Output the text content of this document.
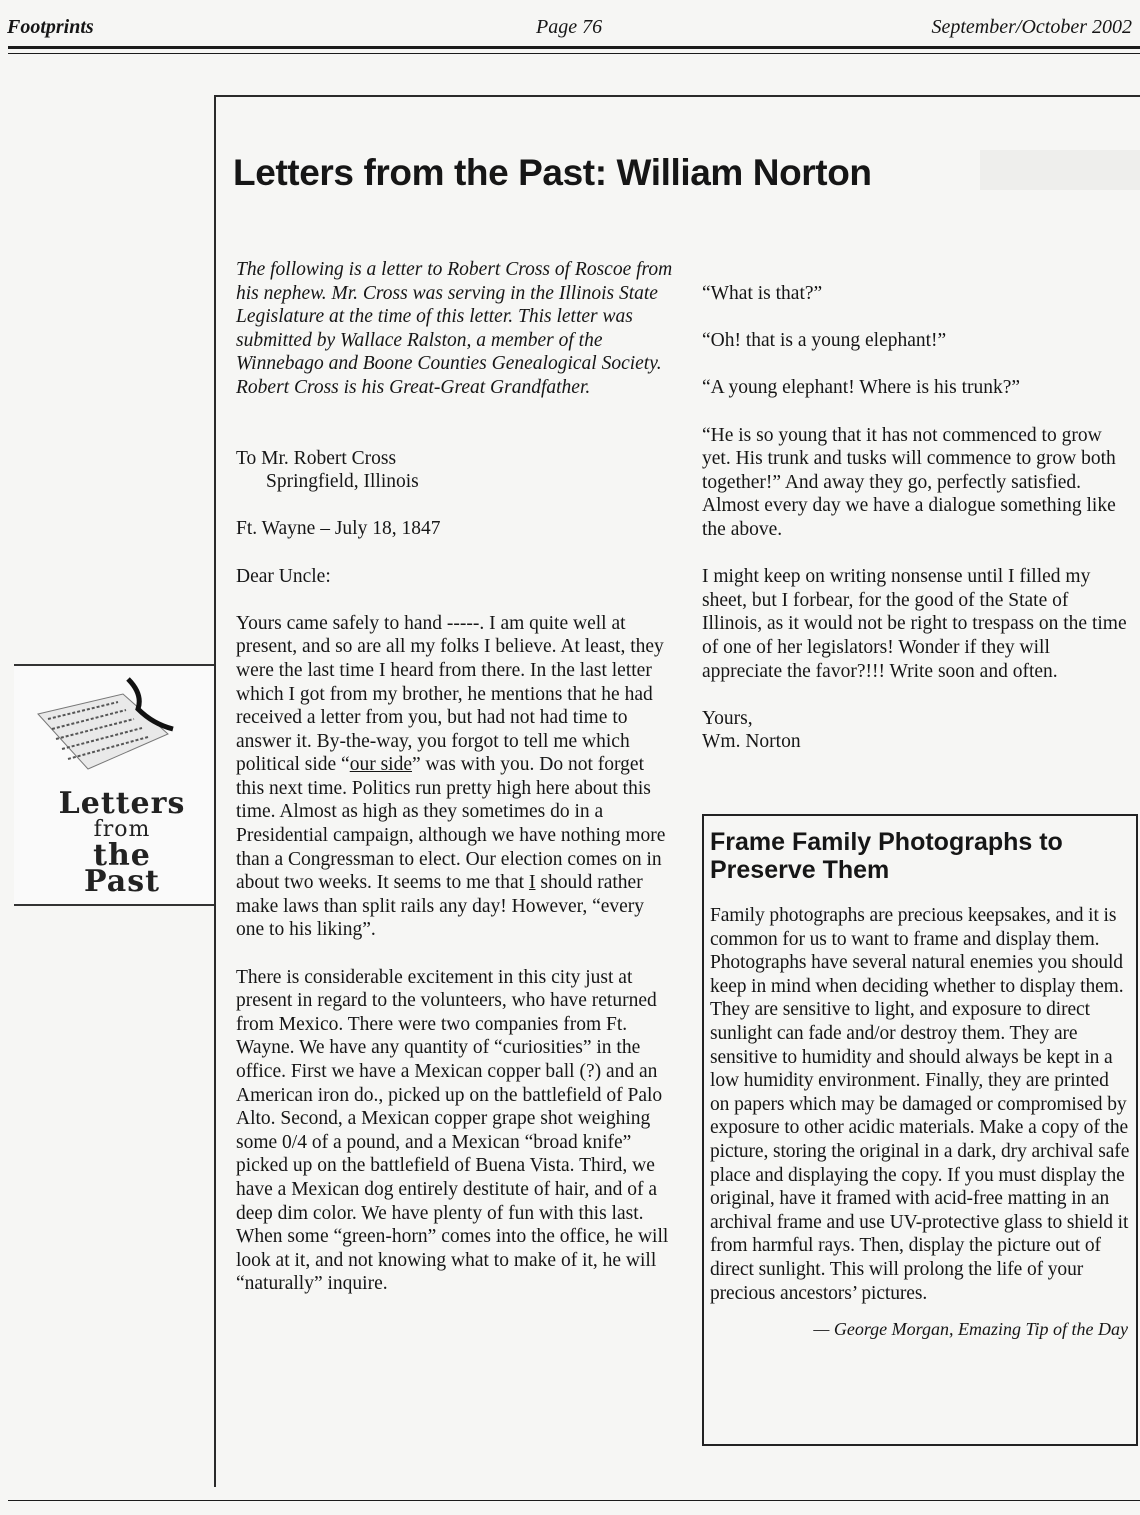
Footprints	Page 76	September/October 2002
Letters
from
the Past
Letters from the Past: William Norton

The following is a letter to Robert Cross of Roscoe from his nephew. Mr. Cross was serving in the Illinois State Legislature at the time of this letter. This letter was submitted by Wallace Ralston, a member of the Winnebago and Boone Counties Genealogical Society. Robert Cross is his Great-Great Grandfather.

To Mr. Robert Cross

Springfield, Illinois

Ft. Wayne – July 18, 1847

Dear Uncle:

Yours came safely to hand -----. I am quite well at present, and so are all my folks I believe. At least, they were the last time I heard from there. In the last letter which I got from my brother, he mentions that he had received a letter from you, but had not had time to answer it. By-the-way, you forgot to tell me which political side “our side” was with you. Do not forget this next time. Politics run pretty high here about this time. Almost as high as they sometimes do in a Presidential campaign, although we have nothing more than a Congressman to elect. Our election comes on in about two weeks. It seems to me that I should rather make laws than split rails any day! However, “every one to his liking”.

There is considerable excitement in this city just at present in regard to the volunteers, who have returned from Mexico. There were two companies from Ft. Wayne. We have any quantity of “curiosities” in the office. First we have a Mexican copper ball (?) and an American iron do., picked up on the battlefield of Palo Alto. Second, a Mexican copper grape shot weighing some 0/4 of a pound, and a Mexican “broad knife” picked up on the battlefield of Buena Vista. Third, we have a Mexican dog entirely destitute of hair, and of a deep dim color. We have plenty of fun with this last. When some “green-horn” comes into the office, he will look at it, and not knowing what to make of it, he will “naturally” inquire.

“What is that?”

“Oh! that is a young elephant!”

“A young elephant! Where is his trunk?”

“He is so young that it has not commenced to grow yet. His trunk and tusks will commence to grow both together!” And away they go, perfectly satisfied. Almost every day we have a dialogue something like the above.

I might keep on writing nonsense until I filled my sheet, but I forbear, for the good of the State of Illinois, as it would not be right to trespass on the time of one of her legislators! Wonder if they will appreciate the favor?!!! Write soon and often.

Yours,
Wm. Norton

Frame Family Photographs to Preserve Them
Family photographs are precious keepsakes, and it is common for us to want to frame and display them. Photographs have several natural enemies you should keep in mind when deciding whether to display them. They are sensitive to light, and exposure to direct sunlight can fade and/or destroy them. They are sensitive to humidity and should always be kept in a low humidity environment. Finally, they are printed on papers which may be damaged or compromised by exposure to other acidic materials. Make a copy of the picture, storing the original in a dark, dry archival safe place and displaying the copy. If you must display the original, have it framed with acid-free matting in an archival frame and use UV-protective glass to shield it from harmful rays. Then, display the picture out of direct sunlight. This will prolong the life of your precious ancestors’ pictures.
— George Morgan, Emazing Tip of the Day
